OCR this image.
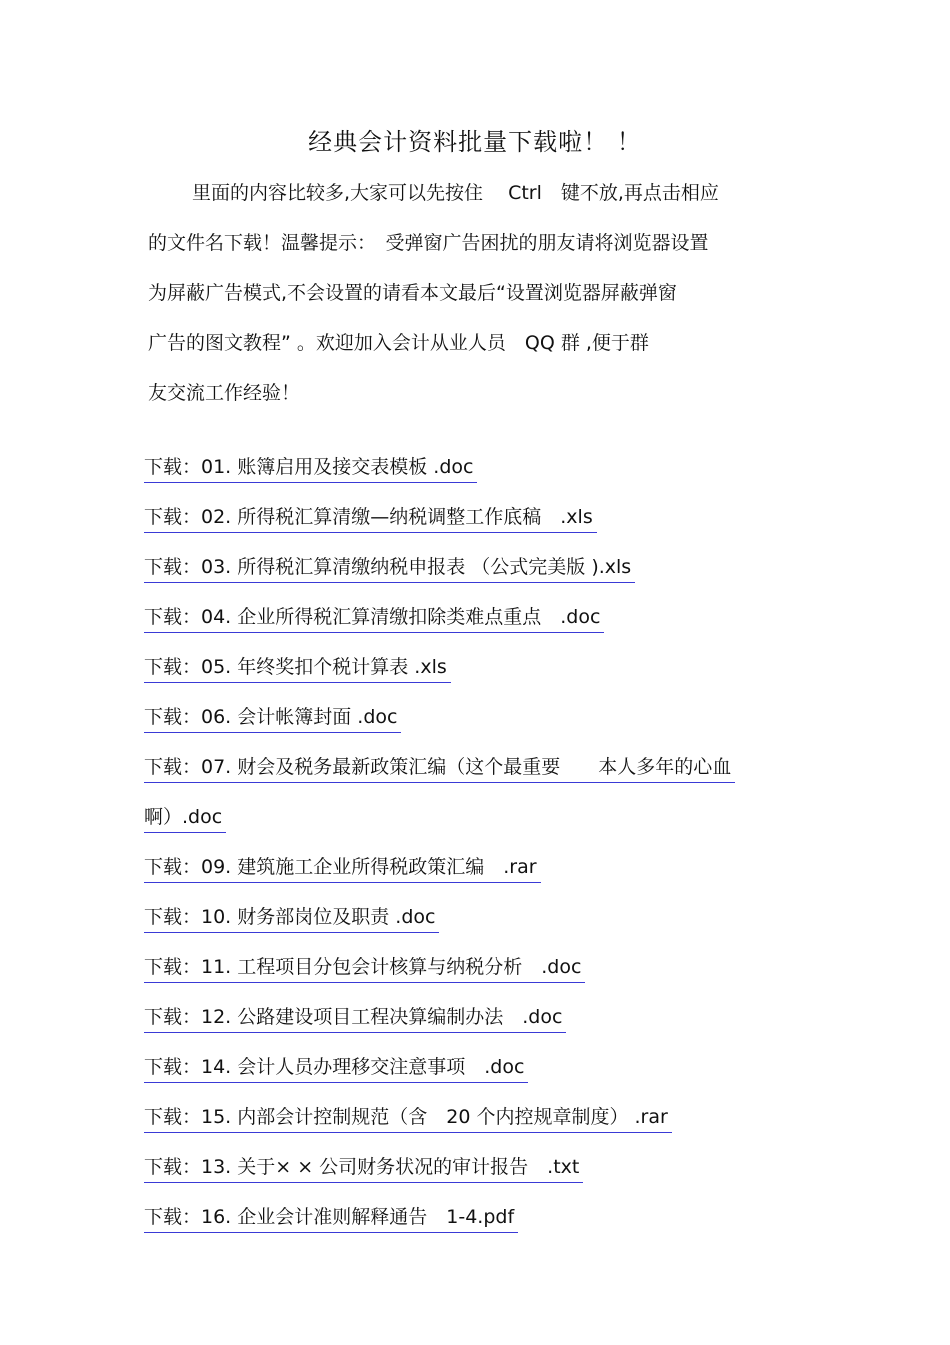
经典会计资料批量下载啦！ ！
里面的内容比较多,大家可以先按住　 Ctrl　键不放,再点击相应
的文件名下载！温馨提示：　受弹窗广告困扰的朋友请将浏览器设置
为屏蔽广告模式,不会设置的请看本文最后“设置浏览器屏蔽弹窗
广告的图文教程” 。欢迎加入会计从业人员　QQ 群 ,便于群
友交流工作经验！
下载：01. 账簿启用及接交表模板 .doc
下载：02. 所得税汇算清缴—纳税调整工作底稿　.xls
下载：03. 所得税汇算清缴纳税申报表 （公式完美版 ).xls
下载：04. 企业所得税汇算清缴扣除类难点重点　.doc
下载：05. 年终奖扣个税计算表 .xls
下载：06. 会计帐簿封面 .doc
下载：07. 财会及税务最新政策汇编（这个最重要　　本人多年的心血
啊）.doc
下载：09. 建筑施工企业所得税政策汇编　.rar
下载：10. 财务部岗位及职责 .doc
下载：11. 工程项目分包会计核算与纳税分析　.doc
下载：12. 公路建设项目工程决算编制办法　.doc
下载：14. 会计人员办理移交注意事项　.doc
下载：15. 内部会计控制规范（含　20 个内控规章制度） .rar
下载：13. 关于× × 公司财务状况的审计报告　.txt
下载：16. 企业会计准则解释通告　1-4.pdf
